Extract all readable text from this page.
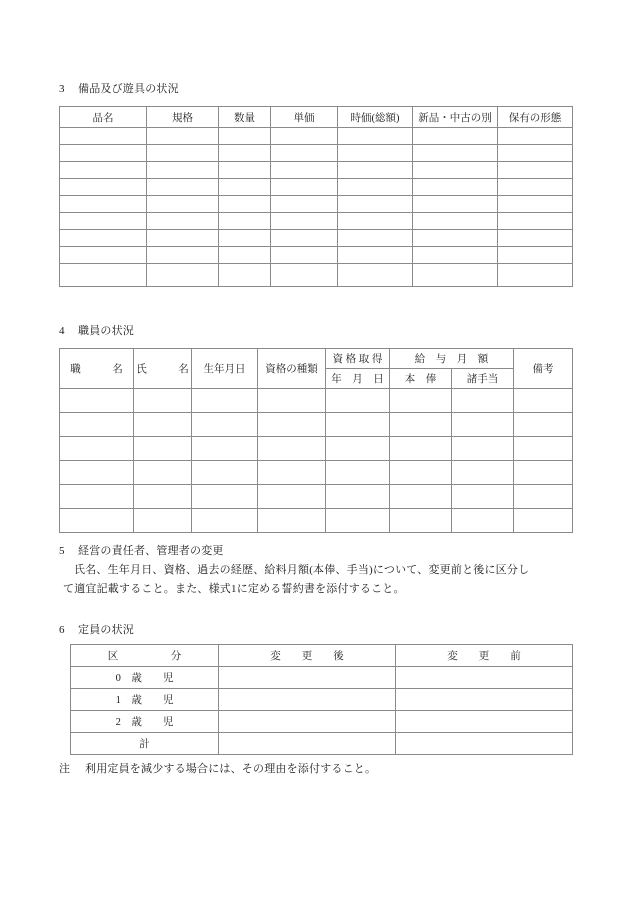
3 備品及び遊具の状況
品名	規格	数量	単価	時価(総額)	新品・中古の別	保有の形態

4 職員の状況
職　　　名	氏　　　名	生年月日	資格の種類	資 格 取 得	給　与　月　額		備考
				年　月　日	本　俸	諸手当	

5 経営の責任者、管理者の変更
氏名、生年月日、資格、過去の経歴、給料月額(本俸、手当)について、変更前と後に区分し
て適宜記載すること。また、様式1に定める誓約書を添付すること。
6 定員の状況
区　　　　　分	変　　更　　後	変　　更　　前
0　歳　　児		
1　歳　　児		
2　歳　　児		
計		
注 利用定員を減少する場合には、その理由を添付すること。
